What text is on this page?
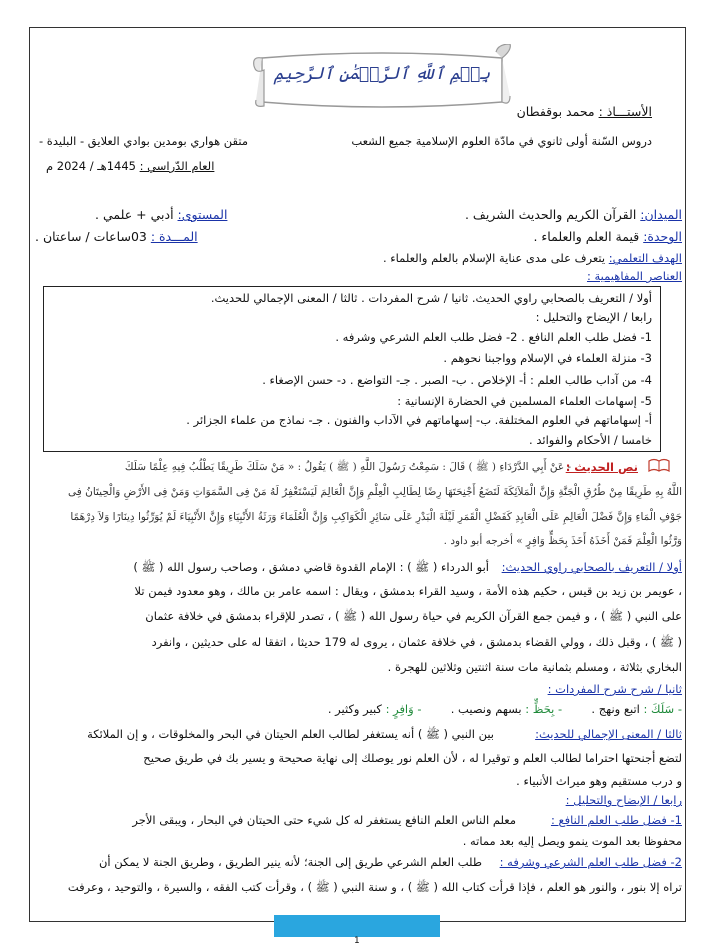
بِسۡمِ ٱللَّهِ ٱلرَّحۡمَٰنِ ٱلرَّحِيمِ
الأستـــاذ : محمد بوقفطان
دروس السّنة أولى ثانوي في مادّة العلوم الإسلامية جميع الشعب
متقن هواري بومدين بوادي العلايق - البليدة -
العام الدّراسي : 1445هـ / 2024 م
الميدان: القرآن الكريم والحديث الشريف .
المستوى: أدبي + علمي .
الوحدة: قيمة العلم والعلماء .
المـــدة : 03ساعات / ساعتان .
الهدف التعلمي: يتعرف على مدى عناية الإسلام بالعلم والعلماء .
العناصر المفاهيمية :
أولا / التعريف بالصحابي راوي الحديث. ثانيا / شرح المفردات . ثالثا / المعنى الإجمالي للحديث.
رابعا / الإيضاح والتحليل :
1- فضل طلب العلم النافع . 2- فضل طلب العلم الشرعي وشرفه .
3- منزلة العلماء في الإسلام وواجبنا نحوهم .
4- من آداب طالب العلم : أ- الإخلاص . ب- الصبر . جـ- التواضع . د- حسن الإصغاء .
5- إسهامات العلماء المسلمين في الحضارة الإنسانية :
أ- إسهاماتهم في العلوم المختلفة. ب- إسهاماتهم في الآداب والفنون . جـ- نماذج من علماء الجزائر .
خامسا / الأحكام والفوائد .
نص الحديث :
- عَنْ أَبِي الدَّرْدَاءِ ( ﷺ ) قَالَ : سَمِعْتُ رَسُولَ اللَّهِ ( ﷺ ) يَقُولُ : « مَنْ سَلَكَ طَرِيقًا يَطْلُبُ فِيهِ عِلْمًا سَلَكَ
اللَّهُ بِهِ طَرِيقًا مِنْ طُرُقِ الْجَنَّةِ وَإِنَّ الْمَلاَئِكَةَ لَتَضَعُ أَجْنِحَتَهَا رِضًا لِطَالِبِ الْعِلْمِ وَإِنَّ الْعَالِمَ لَيَسْتَغْفِرُ لَهُ مَنْ فِى السَّمَوَاتِ وَمَنْ فِى الأَرْضِ وَالْحِيتَانُ فِى
جَوْفِ الْمَاءِ وَإِنَّ فَضْلَ الْعَالِمِ عَلَى الْعَابِدِ كَفَضْلِ الْقَمَرِ لَيْلَةَ الْبَدْرِ عَلَى سَائِرِ الْكَوَاكِبِ وَإِنَّ الْعُلَمَاءَ وَرَثَةُ الأَنْبِيَاءِ وَإِنَّ الأَنْبِيَاءَ لَمْ يُوَرِّثُوا دِينَارًا وَلاَ دِرْهَمًا
وَرَّثُوا الْعِلْمَ فَمَنْ أَخَذَهُ أَخَذَ بِحَظٍّ وَافِرٍ » أخرجه أبو داود .
أولا / التعريف بالصحابي راوي الحديث:
أبو الدرداء ( ﷺ ) : الإمام القدوة قاضي دمشق ، وصاحب رسول الله ( ﷺ )
، عويمر بن زيد بن قيس ، حكيم هذه الأمة ، وسيد القراء بدمشق ، ويقال : اسمه عامر بن مالك ، وهو معدود فيمن تلا
على النبي ( ﷺ ) ، و فيمن جمع القرآن الكريم في حياة رسول الله ( ﷺ ) ، تصدر للإقراء بدمشق في خلافة عثمان
( ﷺ ) ، وقبل ذلك ، وولي القضاء بدمشق ، في خلافة عثمان ، يروى له 179 حديثا ، اتفقا له على حديثين ، وانفرد
البخاري بثلاثة ، ومسلم بثمانية مات سنة اثنتين وثلاثين للهجرة .
ثانيا / شرح شرح المفردات :
- سَلَكَ : اتبع ونهج .        - بِحَظٍّ : بسهم ونصيب .        - وَافِرٍ : كبير وكثير .
ثالثا / المعنى الإجمالي للحديث:
بين النبي ( ﷺ ) أنه يستغفر لطالب العلم الحيتان في البحر والمخلوقات ، و إن الملائكة
لتضع أجنحتها احتراما لطالب العلم و توقيرا له ، لأن العلم نور يوصلك إلى نهاية صحيحة و يسير بك في طريق صحيح
و درب مستقيم وهو ميراث الأنبياء .
رابعا / الإيضاح والتحليل :
1- فضل طلب العلم النافع :
معلم الناس العلم النافع يستغفر له كل شيء حتى الحيتان في البحار ، ويبقى الأجر
محفوظا بعد الموت ينمو ويصل إليه بعد مماته .
2- فضل طلب العلم الشرعي وشرفه :
طلب العلم الشرعي طريق إلى الجنة؛ لأنه ينير الطريق ، وطريق الجنة لا يمكن أن
تراه إلا بنور ، والنور هو العلم ، فإذا قرأت كتاب الله ( ﷺ ) ، و سنة النبي ( ﷺ ) ، وقرأت كتب الفقه ، والسيرة ، والتوحيد ، وعرفت
1
